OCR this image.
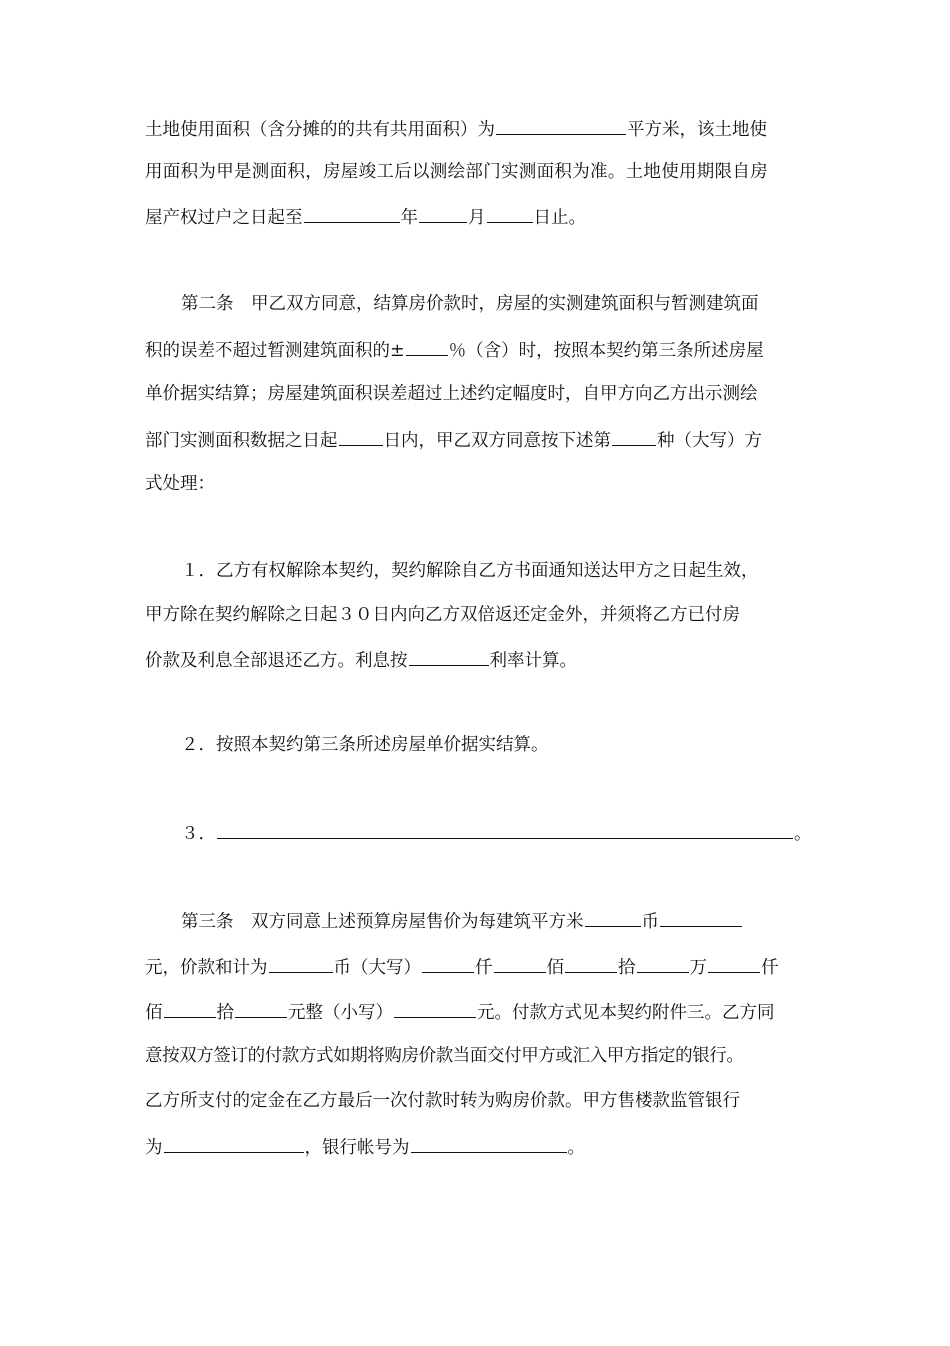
土地使用面积（含分摊的的共有共用面积）为	平方米，该土地使
用面积为甲是测面积，房屋竣工后以测绘部门实测面积为准。土地使用期限自房
屋产权过户之日起至	年	月	日止。
第二条　甲乙双方同意，结算房价款时，房屋的实测建筑面积与暂测建筑面
积的误差不超过暂测建筑面积的±	％（含）时，按照本契约第三条所述房屋
单价据实结算；房屋建筑面积误差超过上述约定幅度时，自甲方向乙方出示测绘
部门实测面积数据之日起	日内，甲乙双方同意按下述第	种（大写）方
式处理：
１．乙方有权解除本契约，契约解除自乙方书面通知送达甲方之日起生效，
甲方除在契约解除之日起３０日内向乙方双倍返还定金外，并须将乙方已付房
价款及利息全部退还乙方。利息按	利率计算。
２．按照本契约第三条所述房屋单价据实结算。
３．	。
第三条　双方同意上述预算房屋售价为每建筑平方米	币
元，价款和计为	币（大写）	仟	佰	拾	万	仟
佰	拾	元整（小写）	元。付款方式见本契约附件三。乙方同
意按双方签订的付款方式如期将购房价款当面交付甲方或汇入甲方指定的银行。
乙方所支付的定金在乙方最后一次付款时转为购房价款。甲方售楼款监管银行
为	，银行帐号为	。
